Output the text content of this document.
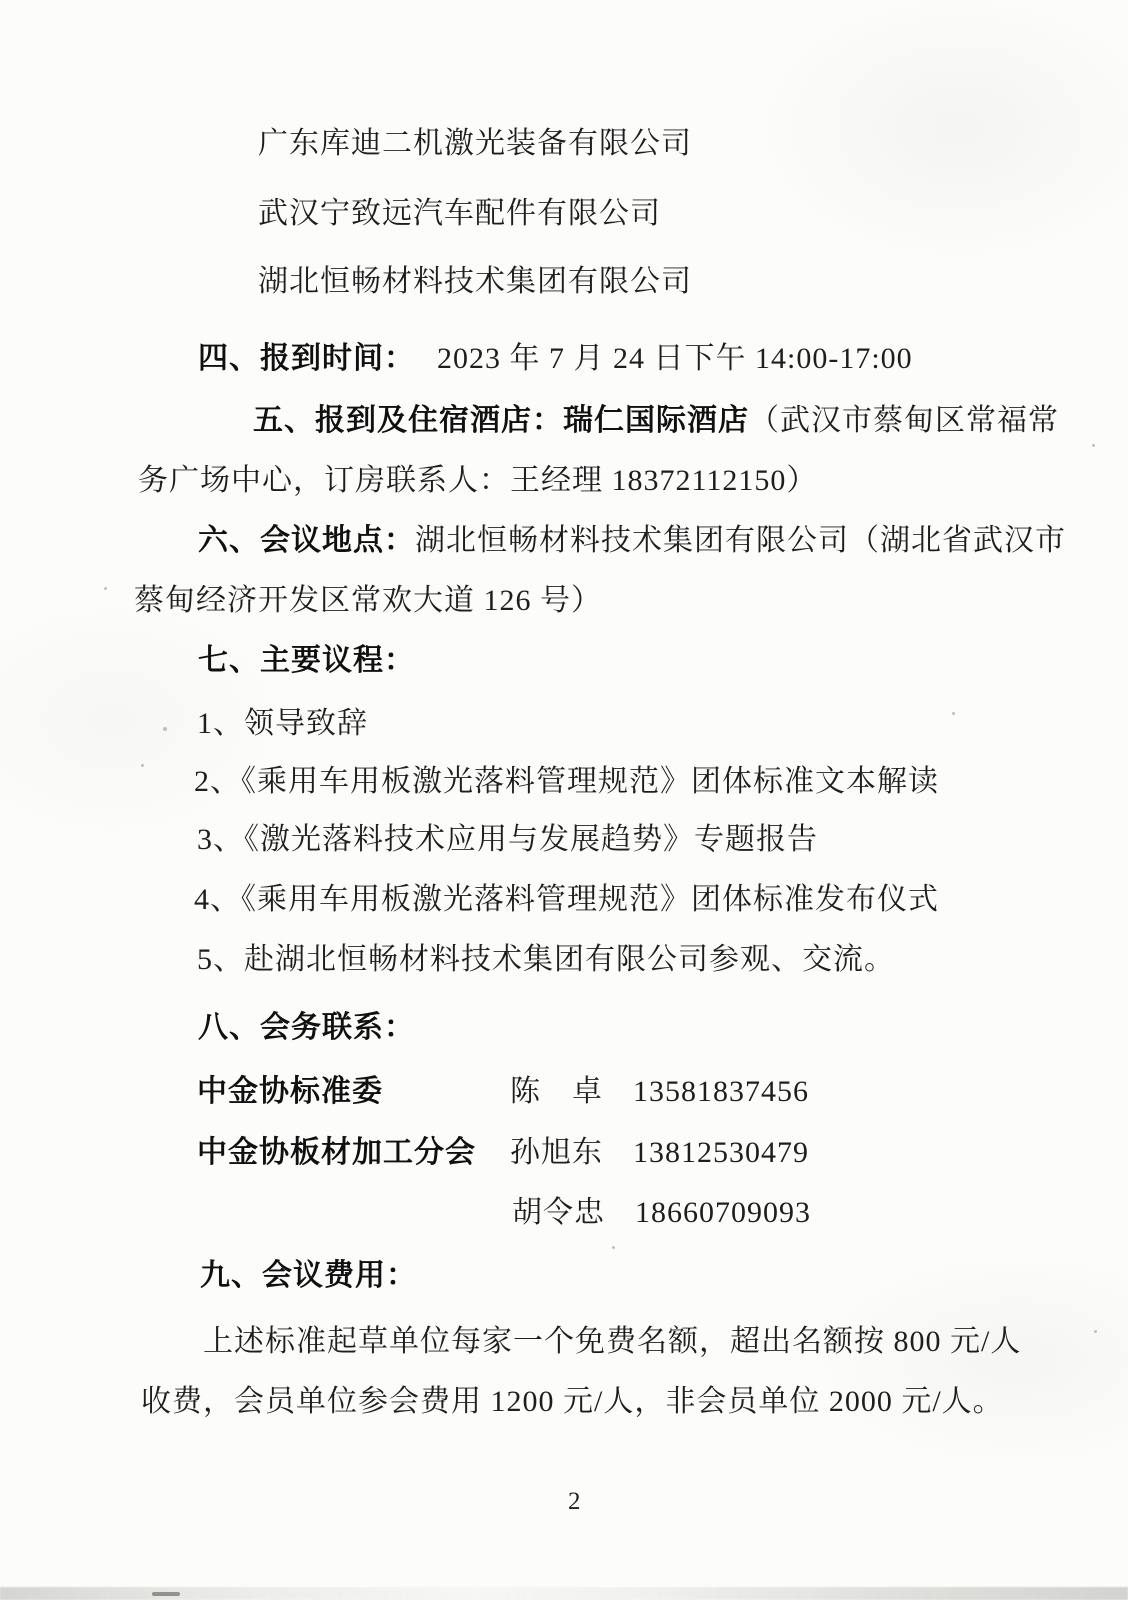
广东库迪二机激光装备有限公司
武汉宁致远汽车配件有限公司
湖北恒畅材料技术集团有限公司
四、报到时间： 2023 年 7 月 24 日下午 14:00-17:00
五、报到及住宿酒店：瑞仁国际酒店（武汉市蔡甸区常福常
务广场中心，订房联系人：王经理 18372112150）
六、会议地点：湖北恒畅材料技术集团有限公司（湖北省武汉市
蔡甸经济开发区常欢大道 126 号）
七、主要议程：
1、领导致辞
2、《乘用车用板激光落料管理规范》团体标准文本解读
3、《激光落料技术应用与发展趋势》专题报告
4、《乘用车用板激光落料管理规范》团体标准发布仪式
5、赴湖北恒畅材料技术集团有限公司参观、交流。
八、会务联系：
中金协标准委	陈　卓 13581837456
中金协板材加工分会 孙旭东 13812530479
胡令忠 18660709093
九、会议费用：
上述标准起草单位每家一个免费名额，超出名额按 800 元/人
收费，会员单位参会费用 1200 元/人，非会员单位 2000 元/人。
2
